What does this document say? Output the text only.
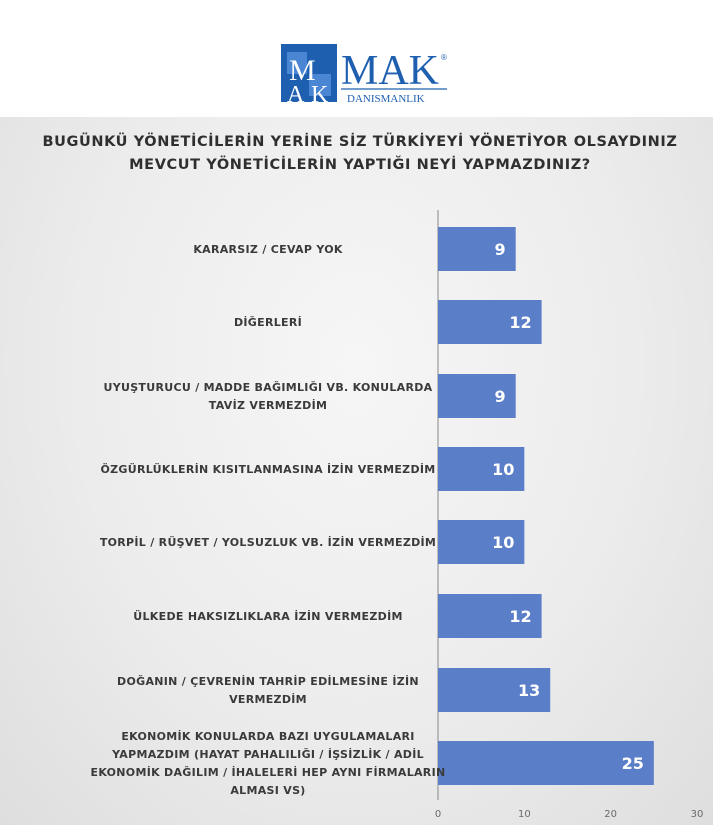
M
A K
MAK ®
DANISMANLIK
BUGÜNKÜ YÖNETİCİLERİN YERİNE SİZ TÜRKİYEYİ YÖNETİYOR OLSAYDINIZ MEVCUT YÖNETİCİLERİN YAPTIĞI NEYİ YAPMAZDINIZ?
9
KARARSIZ / CEVAP YOK
12
DİĞERLERİ
9
UYUŞTURUCU / MADDE BAĞIMLIĞI VB. KONULARDA
TAVİZ VERMEZDİM
10
ÖZGÜRLÜKLERİN KISITLANMASINA İZİN VERMEZDİM
10
TORPİL / RÜŞVET / YOLSUZLUK VB. İZİN VERMEZDİM
12
ÜLKEDE HAKSIZLIKLARA İZİN VERMEZDİM
13
DOĞANIN / ÇEVRENİN TAHRİP EDİLMESİNE İZİN
VERMEZDİM
25
EKONOMİK KONULARDA BAZI UYGULAMALARI
YAPMAZDIM (HAYAT PAHALILIĞI / İŞSİZLİK / ADİL
EKONOMİK DAĞILIM / İHALELERİ HEP AYNI FİRMALARIN
ALMASI VS)
0	10	20	30
